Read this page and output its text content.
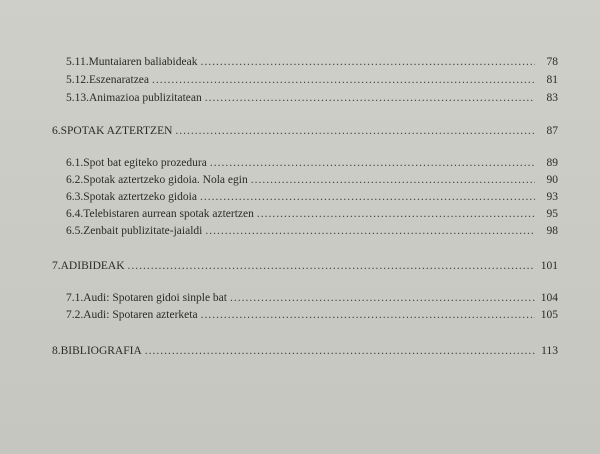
5.11. Muntaiaren baliabideak .....	78
5.12. Eszenaratzea .....	81
5.13. Animazioa publizitatean .....	83
6. SPOTAK AZTERTZEN .....	87
6.1. Spot bat egiteko prozedura .....	89
6.2. Spotak aztertzeko gidoia. Nola egin .....	90
6.3. Spotak aztertzeko gidoia .....	93
6.4. Telebistaren aurrean spotak aztertzen .....	95
6.5. Zenbait publizitate-jaialdi .....	98
7. ADIBIDEAK .....	101
7.1. Audi: Spotaren gidoi sinple bat .....	104
7.2. Audi: Spotaren azterketa .....	105
8. BIBLIOGRAFIA .....	113
